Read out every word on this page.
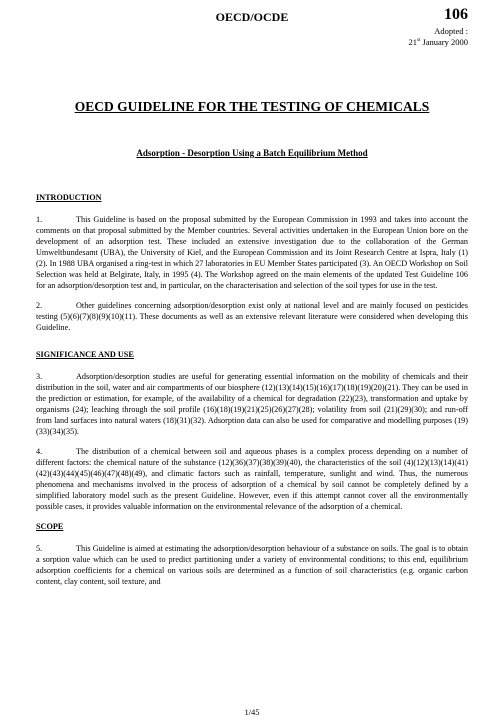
OECD/OCDE	106
Adopted :
21st January 2000
OECD GUIDELINE FOR THE TESTING OF CHEMICALS
Adsorption - Desorption Using a Batch Equilibrium Method
INTRODUCTION

1.	This Guideline is based on the proposal submitted by the European Commission in 1993 and takes into account the comments on that proposal submitted by the Member countries. Several activities undertaken in the European Union bore on the development of an adsorption test. These included an extensive investigation due to the collaboration of the German Umweltbundesamt (UBA), the University of Kiel, and the European Commission and its Joint Research Centre at Ispra, Italy (1)(2). In 1988 UBA organised a ring-test in which 27 laboratories in EU Member States participated (3). An OECD Workshop on Soil Selection was held at Belgirate, Italy, in 1995 (4). The Workshop agreed on the main elements of the updated Test Guideline 106 for an adsorption/desorption test and, in particular, on the characterisation and selection of the soil types for use in the test.

2.	Other guidelines concerning adsorption/desorption exist only at national level and are mainly focused on pesticides testing (5)(6)(7)(8)(9)(10)(11). These documents as well as an extensive relevant literature were considered when developing this Guideline.

SIGNIFICANCE AND USE

3.	Adsorption/desorption studies are useful for generating essential information on the mobility of chemicals and their distribution in the soil, water and air compartments of our biosphere (12)(13)(14)(15)(16)(17)(18)(19)(20)(21). They can be used in the prediction or estimation, for example, of the availability of a chemical for degradation (22)(23), transformation and uptake by organisms (24); leaching through the soil profile (16)(18)(19)(21)(25)(26)(27)(28); volatility from soil (21)(29)(30); and run-off from land surfaces into natural waters (18)(31)(32). Adsorption data can also be used for comparative and modelling purposes (19)(33)(34)(35).

4.	The distribution of a chemical between soil and aqueous phases is a complex process depending on a number of different factors: the chemical nature of the substance (12)(36)(37)(38)(39)(40), the characteristics of the soil (4)(12)(13)(14)(41)(42)(43)(44)(45)(46)(47)(48)(49), and climatic factors such as rainfall, temperature, sunlight and wind. Thus, the numerous phenomena and mechanisms involved in the process of adsorption of a chemical by soil cannot be completely defined by a simplified laboratory model such as the present Guideline. However, even if this attempt cannot cover all the environmentally possible cases, it provides valuable information on the environmental relevance of the adsorption of a chemical.

SCOPE

5.	This Guideline is aimed at estimating the adsorption/desorption behaviour of a substance on soils. The goal is to obtain a sorption value which can be used to predict partitioning under a variety of environmental conditions; to this end, equilibrium adsorption coefficients for a chemical on various soils are determined as a function of soil characteristics (e.g. organic carbon content, clay content, soil texture, and

1/45
